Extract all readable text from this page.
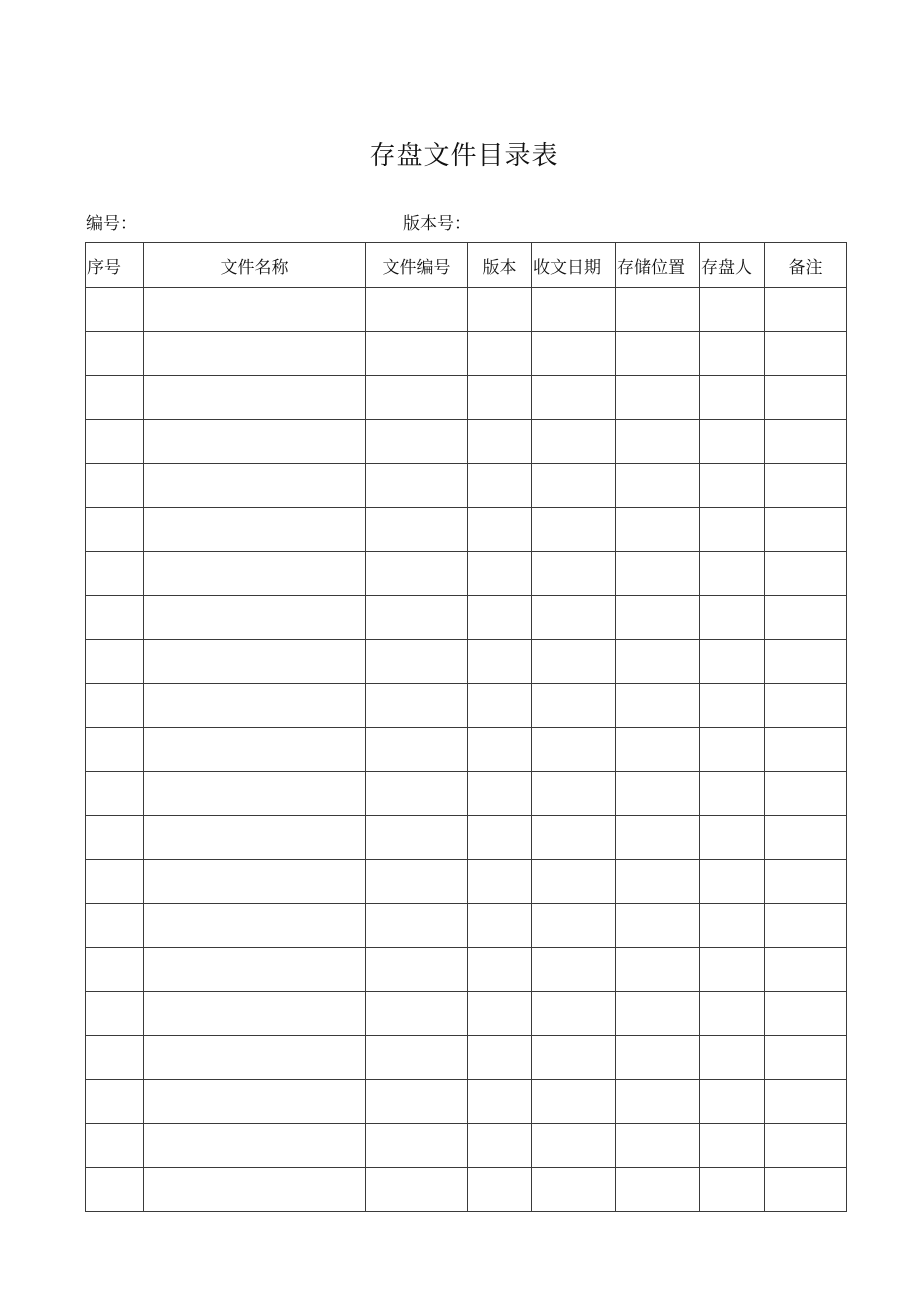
存盘文件目录表
编号：	版本号：
序号	文件名称	文件编号	版本	收文日期	存储位置	存盘人	备注
